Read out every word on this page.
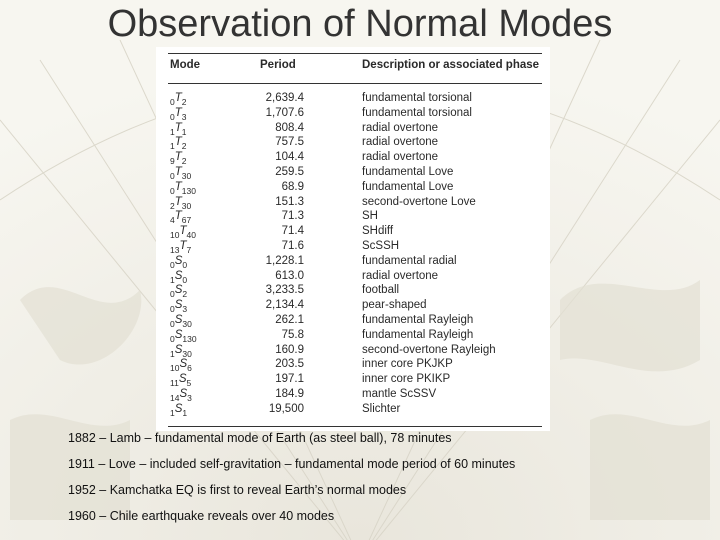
Observation of Normal Modes
Mode	Period	Description or associated phase
$_0T_2$	2,639.4	fundamental torsional
$_0T_3$	1,707.6	fundamental torsional
$_1T_1$	808.4	radial overtone
$_1T_2$	757.5	radial overtone
$_9T_2$	104.4	radial overtone
$_0T_{30}$	259.5	fundamental Love
$_0T_{130}$	68.9	fundamental Love
$_2T_{30}$	151.3	second-overtone Love
$_4T_{67}$	71.3	SH
$_{10}T_{40}$	71.4	SHdiff
$_{13}T_7$	71.6	ScSSH
$_0S_0$	1,228.1	fundamental radial
$_1S_0$	613.0	radial overtone
$_0S_2$	3,233.5	football
$_0S_3$	2,134.4	pear-shaped
$_0S_{30}$	262.1	fundamental Rayleigh
$_0S_{130}$	75.8	fundamental Rayleigh
$_1S_{30}$	160.9	second-overtone Rayleigh
$_{10}S_6$	203.5	inner core PKJKP
$_{11}S_5$	197.1	inner core PKIKP
$_{14}S_3$	184.9	mantle ScSSV
$_1S_1$	19,500	Slichter
1882 – Lamb – fundamental mode of Earth (as steel ball), 78 minutes
1911 – Love – included self-gravitation – fundamental mode period of 60 minutes
1952 – Kamchatka EQ is first to reveal Earth’s normal modes
1960 – Chile earthquake reveals over 40 modes
